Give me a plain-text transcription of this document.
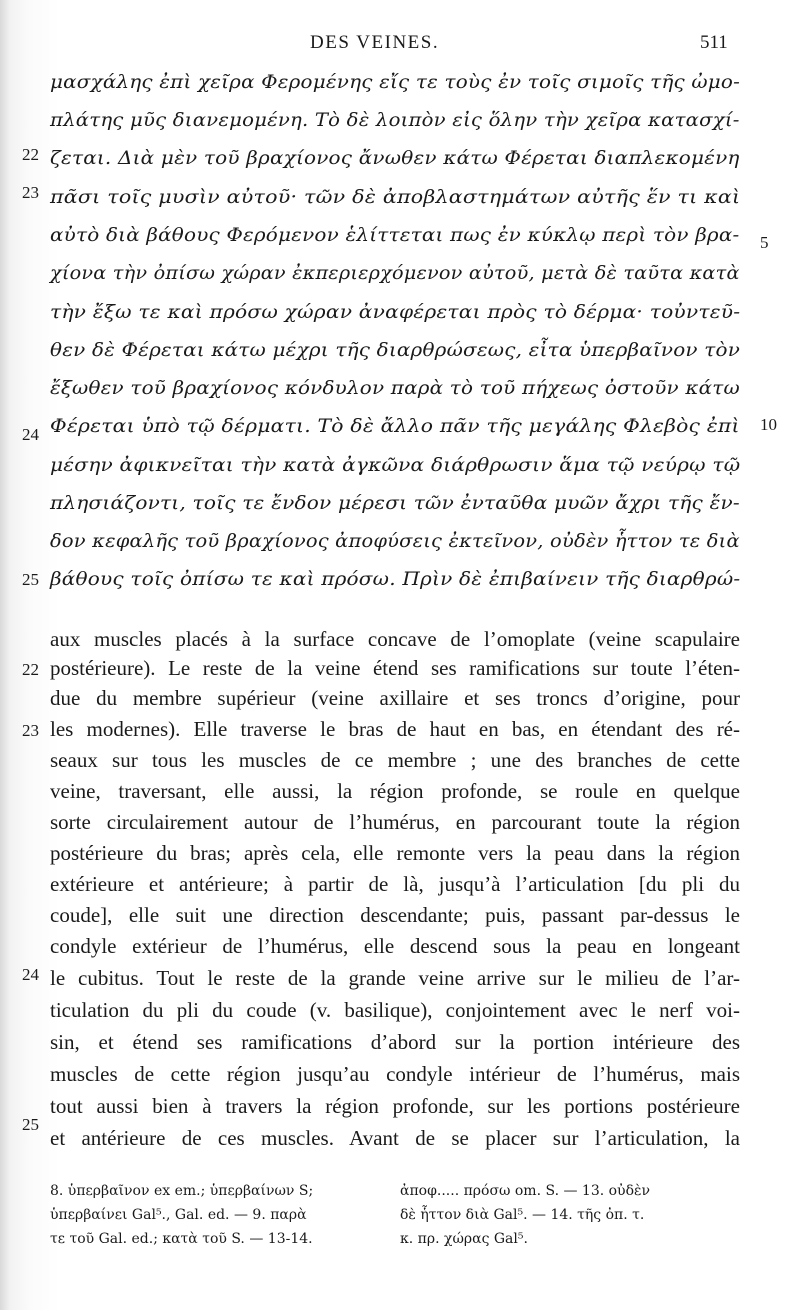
DES VEINES.	511
μασχάλης ἐπὶ χεῖρα Φερομένης εἴς τε τοὺς ἐν τοῖς σιμοῖς τῆς ὠμο-
πλάτης μῦς διανεμομένη. Τὸ δὲ λοιπὸν εἰς ὅλην τὴν χεῖρα κατασχί-
ζεται. Διὰ μὲν τοῦ βραχίονος ἄνωθεν κάτω Φέρεται διαπλεκομένη
πᾶσι τοῖς μυσὶν αὐτοῦ· τῶν δὲ ἀποβλαστημάτων αὐτῆς ἕν τι καὶ
αὐτὸ διὰ βάθους Φερόμενον ἑλίττεται πως ἐν κύκλῳ περὶ τὸν βρα-
χίονα τὴν ὀπίσω χώραν ἐκπεριερχόμενον αὐτοῦ, μετὰ δὲ ταῦτα κατὰ
τὴν ἔξω τε καὶ πρόσω χώραν ἀναφέρεται πρὸς τὸ δέρμα· τοὐντεῦ-
θεν δὲ Φέρεται κάτω μέχρι τῆς διαρθρώσεως, εἶτα ὑπερβαῖνον τὸν
ἔξωθεν τοῦ βραχίονος κόνδυλον παρὰ τὸ τοῦ πήχεως ὀστοῦν κάτω
Φέρεται ὑπὸ τῷ δέρματι. Τὸ δὲ ἄλλο πᾶν τῆς μεγάλης Φλεβὸς ἐπὶ
μέσην ἀφικνεῖται τὴν κατὰ ἀγκῶνα διάρθρωσιν ἅμα τῷ νεύρῳ τῷ
πλησιάζοντι, τοῖς τε ἔνδον μέρεσι τῶν ἐνταῦθα μυῶν ἄχρι τῆς ἔν-
δον κεφαλῆς τοῦ βραχίονος ἀποφύσεις ἐκτεῖνον, οὐδὲν ἧττον τε διὰ
βάθους τοῖς ὀπίσω τε καὶ πρόσω. Πρὶν δὲ ἐπιβαίνειν τῆς διαρθρώ-
22
23
24
25
5
10
aux muscles placés à la surface concave de l’omoplate (veine scapulaire
postérieure). Le reste de la veine étend ses ramifications sur toute l’éten-
due du membre supérieur (veine axillaire et ses troncs d’origine, pour
les modernes). Elle traverse le bras de haut en bas, en étendant des ré-
seaux sur tous les muscles de ce membre ; une des branches de cette
veine, traversant, elle aussi, la région profonde, se roule en quelque
sorte circulairement autour de l’humérus, en parcourant toute la région
postérieure du bras; après cela, elle remonte vers la peau dans la région
extérieure et antérieure; à partir de là, jusqu’à l’articulation [du pli du
coude], elle suit une direction descendante; puis, passant par-dessus le
condyle extérieur de l’humérus, elle descend sous la peau en longeant
le cubitus. Tout le reste de la grande veine arrive sur le milieu de l’ar-
ticulation du pli du coude (v. basilique), conjointement avec le nerf voi-
sin, et étend ses ramifications d’abord sur la portion intérieure des
muscles de cette région jusqu’au condyle intérieur de l’humérus, mais
tout aussi bien à travers la région profonde, sur les portions postérieure
et antérieure de ces muscles. Avant de se placer sur l’articulation, la
22
23
24
25
8. ὑπερβαῖνον ex em.; ὑπερβαίνων S;
ὑπερβαίνει Gal⁵., Gal. ed. — 9. παρὰ
τε τοῦ Gal. ed.; κατὰ τοῦ S. — 13-14.
ἀποφ..... πρόσω om. S. — 13. οὐδὲν
δὲ ἧττον διὰ Gal⁵. — 14. τῆς ὀπ. τ.
κ. πρ. χώρας Gal⁵.
